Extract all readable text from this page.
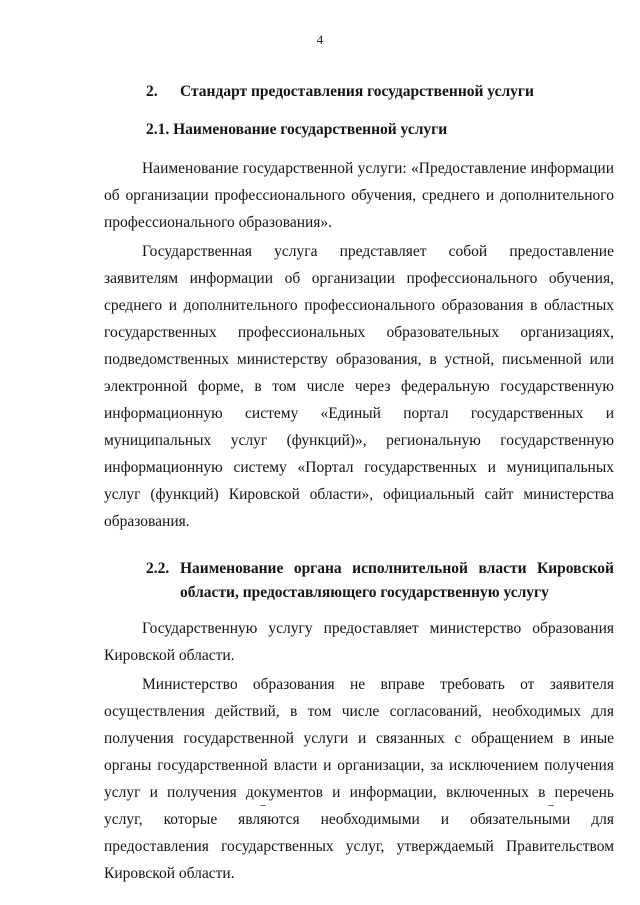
4
2.	Стандарт предоставления государственной услуги
2.1. Наименование государственной услуги

Наименование государственной услуги: «Предоставление информации об организации профессионального обучения, среднего и дополнительного профессионального образования».

Государственная услуга представляет собой предоставление заявителям информации об организации профессионального обучения, среднего и дополнительного профессионального образования в областных государственных профессиональных образовательных организациях, подведомственных министерству образования, в устной, письменной или электронной форме, в том числе через федеральную государственную информационную систему «Единый портал государственных и муниципальных услуг (функций)», региональную государственную информационную систему «Портал государственных и муниципальных услуг (функций) Кировской области», официальный сайт министерства образования.

2.2. Наименование органа исполнительной власти Кировской области, предоставляющего государственную услугу

Государственную услугу предоставляет министерство образования Кировской области.

Министерство образования не вправе требовать от заявителя осуществления действий, в том числе согласований, необходимых для получения государственной услуги и связанных с обращением в иные органы государственной власти и организации, за исключением получения услуг и получения документов и информации, включенных в перечень услуг, которые являются необходимыми и обязательными для предоставления государственных услуг, утверждаемый Правительством Кировской области.
